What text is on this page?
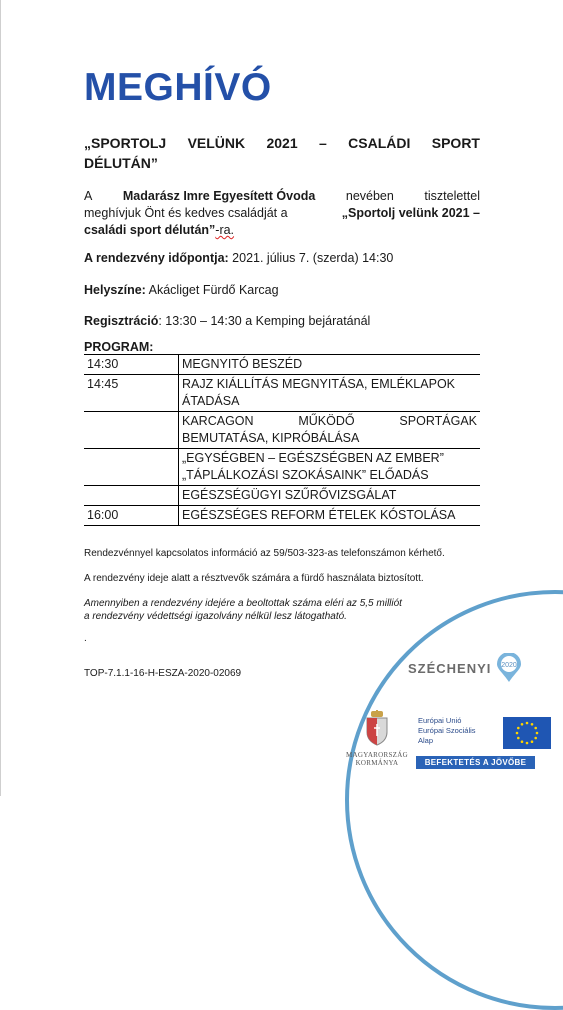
MEGHÍVÓ
„SPORTOLJ VELÜNK 2021 – CSALÁDI SPORT
DÉLUTÁN”
A Madarász Imre Egyesített Óvoda nevében tisztelettel
meghívjuk Önt és kedves családját a	„Sportolj velünk 2021 –
családi sport délután”-ra.

A rendezvény időpontja: 2021. július 7. (szerda) 14:30

Helyszíne: Akácliget Fürdő Karcag

Regisztráció: 13:30 – 14:30 a Kemping bejáratánál

PROGRAM:
14:30	MEGNYITÓ BESZÉD

14:45	RAJZ KIÁLLÍTÁS MEGNYITÁSA, EMLÉKLAPOK
ÁTADÁSA

	KARCAGON MŰKÖDŐ SPORTÁGAK
BEMUTATÁSA, KIPRÓBÁLÁSA

	„EGYSÉGBEN – EGÉSZSÉGBEN AZ EMBER”
„TÁPLÁLKOZÁSI SZOKÁSAINK” ELŐADÁS

	EGÉSZSÉGÜGYI SZŰRŐVIZSGÁLAT

16:00	EGÉSZSÉGES REFORM ÉTELEK KÓSTOLÁSA

Rendezvénnyel kapcsolatos információ az 59/503-323-as telefonszámon kérhető.

A rendezvény ideje alatt a résztvevők számára a fürdő használata biztosított.

Amennyiben a rendezvény idejére a beoltottak száma eléri az 5,5 milliót
a rendezvény védettségi igazolvány nélkül lesz látogatható.
.

TOP-7.1.1-16-H-ESZA-2020-02069	SZÉCHENYI 2020
MAGYARORSZÁG
KORMÁNYA
Európai Unió
Európai Szociális
Alap
BEFEKTETÉS A JÖVŐBE
